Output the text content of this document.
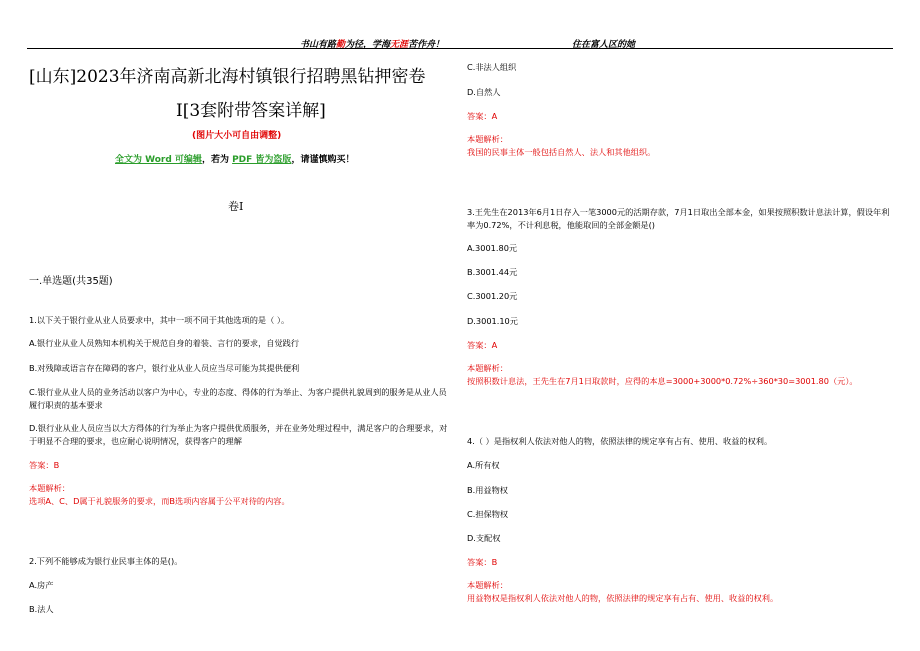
书山有路勤为径，学海无涯苦作舟！	住在富人区的她
[山东]2023年济南高新北海村镇银行招聘黑钻押密卷
I[3套附带答案详解]
(图片大小可自由调整)
全文为 Word 可编辑，若为 PDF 皆为盗版，请谨慎购买！
卷I
一.单选题(共35题)
1.以下关于银行业从业人员要求中，其中一项不同于其他选项的是（ ）。
A.银行业从业人员熟知本机构关于规范自身的着装、言行的要求，自觉践行
B.对残障或语言存在障碍的客户，银行业从业人员应当尽可能为其提供便利
C.银行业从业人员的业务活动以客户为中心，专业的态度、得体的行为举止、为客户提供礼貌周到的服务是从业人员履行职责的基本要求
D.银行业从业人员应当以大方得体的行为举止为客户提供优质服务，并在业务处理过程中，满足客户的合理要求，对于明显不合理的要求，也应耐心说明情况，获得客户的理解
答案：B
本题解析：
选项A、C、D属于礼貌服务的要求，而B选项内容属于公平对待的内容。
2.下列不能够成为银行业民事主体的是()。
A.房产
B.法人
C.非法人组织
D.自然人
答案：A
本题解析：
我国的民事主体一般包括自然人、法人和其他组织。
3.王先生在2013年6月1日存入一笔3000元的活期存款，7月1日取出全部本金，如果按照积数计息法计算，假设年利率为0.72%，不计利息税，他能取回的全部金额是()
A.3001.80元
B.3001.44元
C.3001.20元
D.3001.10元
答案：A
本题解析：
按照积数计息法，王先生在7月1日取款时，应得的本息=3000+3000*0.72%÷360*30=3001.80（元）。
4.（ ）是指权利人依法对他人的物，依照法律的规定享有占有、使用、收益的权利。
A.所有权
B.用益物权
C.担保物权
D.支配权
答案：B
本题解析：
用益物权是指权利人依法对他人的物，依照法律的规定享有占有、使用、收益的权利。
